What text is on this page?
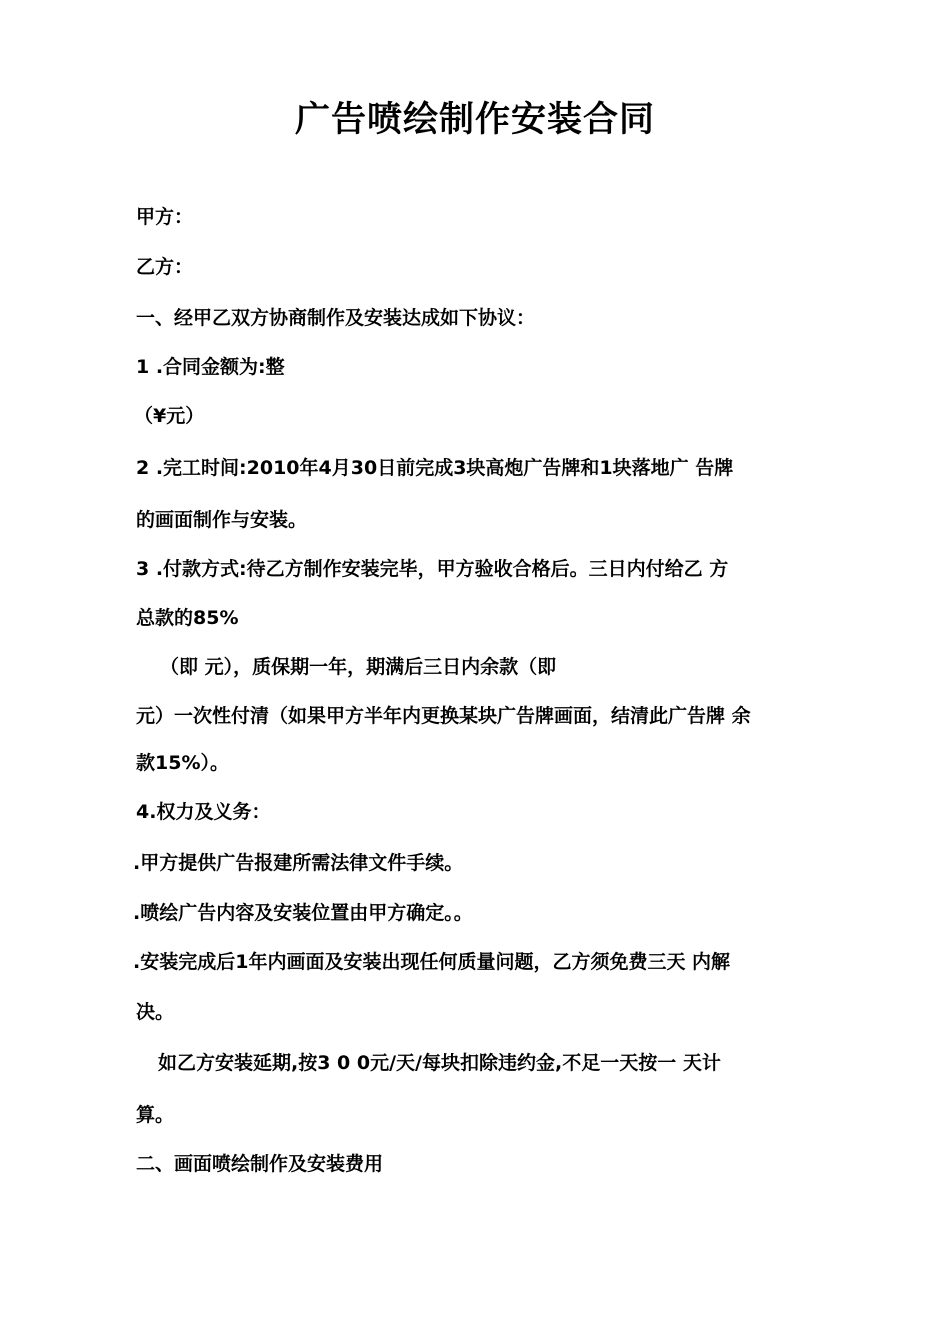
广告喷绘制作安装合同
甲方：
乙方：
一、经甲乙双方协商制作及安装达成如下协议：
1 .合同金额为:整
（¥元）
2 .完工时间:2010年4月30日前完成3块高炮广告牌和1块落地广 告牌
的画面制作与安装。
3 .付款方式:待乙方制作安装完毕，甲方验收合格后。三日内付给乙 方
总款的85%
（即 元），质保期一年，期满后三日内余款（即
元）一次性付清（如果甲方半年内更换某块广告牌画面，结清此广告牌 余
款15%）。
4.权力及义务：
.甲方提供广告报建所需法律文件手续。
.喷绘广告内容及安装位置由甲方确定。。
.安装完成后1年内画面及安装出现任何质量问题，乙方须免费三天 内解
决。
如乙方安装延期,按3 0 0元/天/每块扣除违约金,不足一天按一 天计
算。
二、画面喷绘制作及安装费用
